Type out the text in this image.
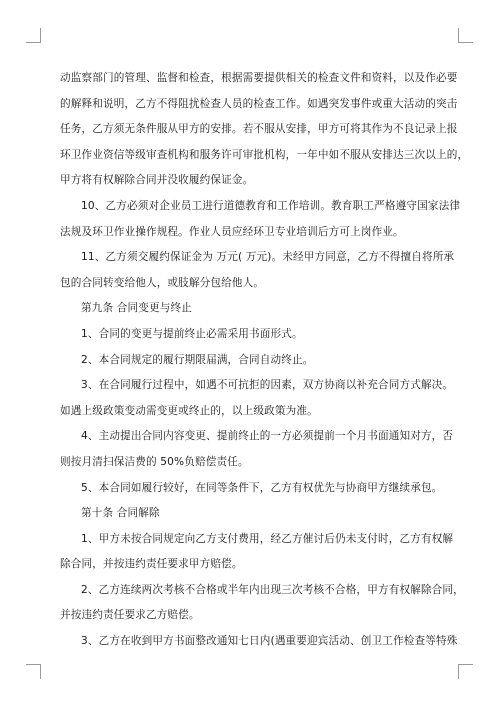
动监察部门的管理、监督和检查，根据需要提供相关的检查文件和资料，以及作必要
的解释和说明，乙方不得阻扰检查人员的检查工作。如遇突发事件或重大活动的突击
任务，乙方须无条件服从甲方的安排。若不服从安排，甲方可将其作为不良记录上报
环卫作业资信等级审查机构和服务许可审批机构，一年中如不服从安排达三次以上的，
甲方将有权解除合同并没收履约保证金。
10、乙方必须对企业员工进行道德教育和工作培训。教育职工严格遵守国家法律
法规及环卫作业操作规程。作业人员应经环卫专业培训后方可上岗作业。
11、乙方须交履约保证金为 万元( 万元)。未经甲方同意，乙方不得擅自将所承
包的合同转变给他人，或肢解分包给他人。
第九条 合同变更与终止
1、合同的变更与提前终止必需采用书面形式。
2、本合同规定的履行期限届满，合同自动终止。
3、在合同履行过程中，如遇不可抗拒的因素，双方协商以补充合同方式解决。
如遇上级政策变动需变更或终止的，以上级政策为准。
4、主动提出合同内容变更、提前终止的一方必须提前一个月书面通知对方，否
则按月清扫保洁费的 50%负赔偿责任。
5、本合同如履行较好，在同等条件下，乙方有权优先与协商甲方继续承包。
第十条 合同解除
1、甲方未按合同规定向乙方支付费用，经乙方催讨后仍未支付时，乙方有权解
除合同，并按违约责任要求甲方赔偿。
2、乙方连续两次考核不合格或半年内出现三次考核不合格，甲方有权解除合同，
并按违约责任要求乙方赔偿。
3、乙方在收到甲方书面整改通知七日内(遇重要迎宾活动、创卫工作检查等特殊
